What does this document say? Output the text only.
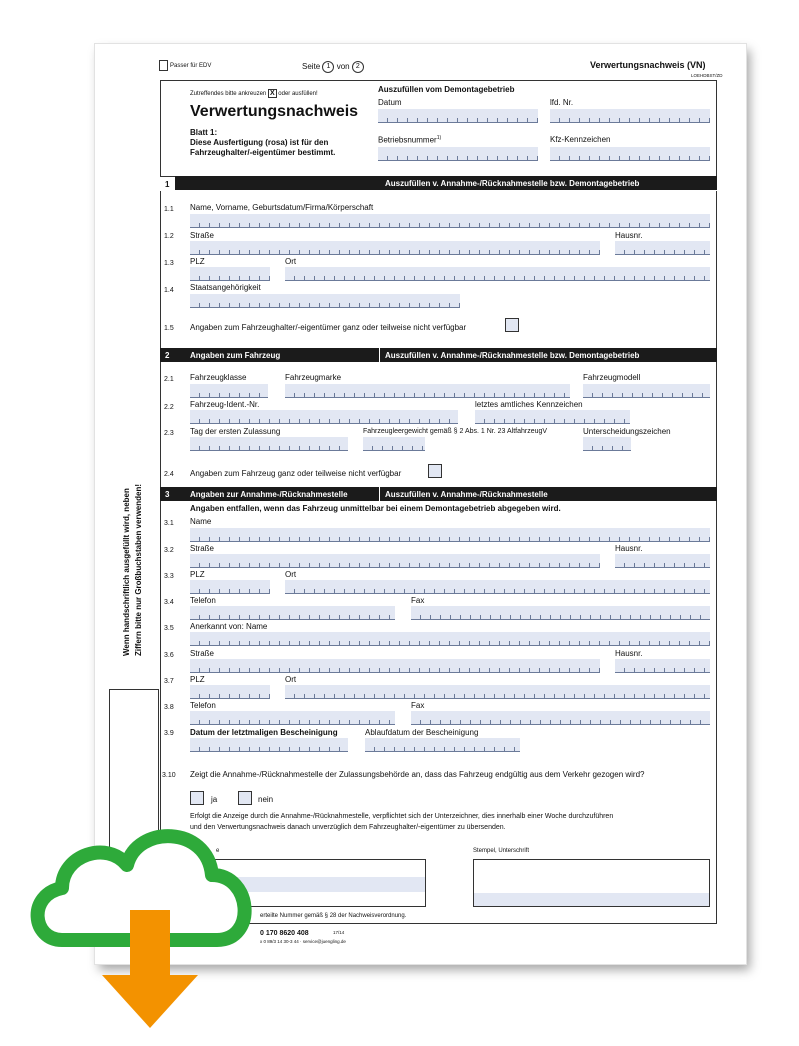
Passer für EDV	Seite 1 von 2	Verwertungsnachweis (VN)
LOEHDBST/ZD
Zutreffendes bitte ankreuzen X oder ausfüllen!
Verwertungsnachweis
Blatt 1:
Diese Ausfertigung (rosa) ist für den
Fahrzeughalter/-eigentümer bestimmt.
Auszufüllen vom Demontagebetrieb
Datum	lfd. Nr.
Betriebsnummer$^{1)}$	Kfz-Kennzeichen
1	Auszufüllen v. Annahme-/Rücknahmestelle bzw. Demontagebetrieb
1.1 Name, Vorname, Geburtsdatum/Firma/Körperschaft
1.2 Straße	Hausnr.
1.3 PLZ	Ort
1.4 Staatsangehörigkeit
1.5 Angaben zum Fahrzeughalter/-eigentümer ganz oder teilweise nicht verfügbar
2	Angaben zum Fahrzeug	Auszufüllen v. Annahme-/Rücknahmestelle bzw. Demontagebetrieb
2.1 Fahrzeugklasse	Fahrzeugmarke	Fahrzeugmodell
2.2 Fahrzeug-Ident.-Nr.	letztes amtliches Kennzeichen
2.3 Tag der ersten Zulassung	Fahrzeugleergewicht gemäß § 2 Abs. 1 Nr. 23 AltfahrzeugV	Unterscheidungszeichen
2.4 Angaben zum Fahrzeug ganz oder teilweise nicht verfügbar
3	Angaben zur Annahme-/Rücknahmestelle	Auszufüllen v. Annahme-/Rücknahmestelle
Angaben entfallen, wenn das Fahrzeug unmittelbar bei einem Demontagebetrieb abgegeben wird.
3.1 Name
3.2 Straße	Hausnr.
3.3 PLZ	Ort
3.4 Telefon	Fax
3.5 Anerkannt von: Name
3.6 Straße	Hausnr.
3.7 PLZ	Ort
3.8 Telefon	Fax
3.9 Datum der letztmaligen Bescheinigung	Ablaufdatum der Bescheinigung
3.10 Zeigt die Annahme-/Rücknahmestelle der Zulassungsbehörde an, dass das Fahrzeug endgültig aus dem Verkehr gezogen wird?
ja	nein
Erfolgt die Anzeige durch die Annahme-/Rücknahmestelle, verpflichtet sich der Unterzeichner, dies innerhalb einer Woche durchzuführen
und den Verwertungsnachweis danach unverzüglich dem Fahrzeughalter/-eigentümer zu übersenden.
e	Stempel, Unterschrift
erteilte Nummer gemäß § 28 der Nachweisverordnung.
0 170 8620 408	17/14
x 0 89/3 14 30-3 44 · service@juengling.de
Wenn handschriftlich ausgefüllt wird, neben Ziffern bitte nur Großbuchstaben verwenden!
